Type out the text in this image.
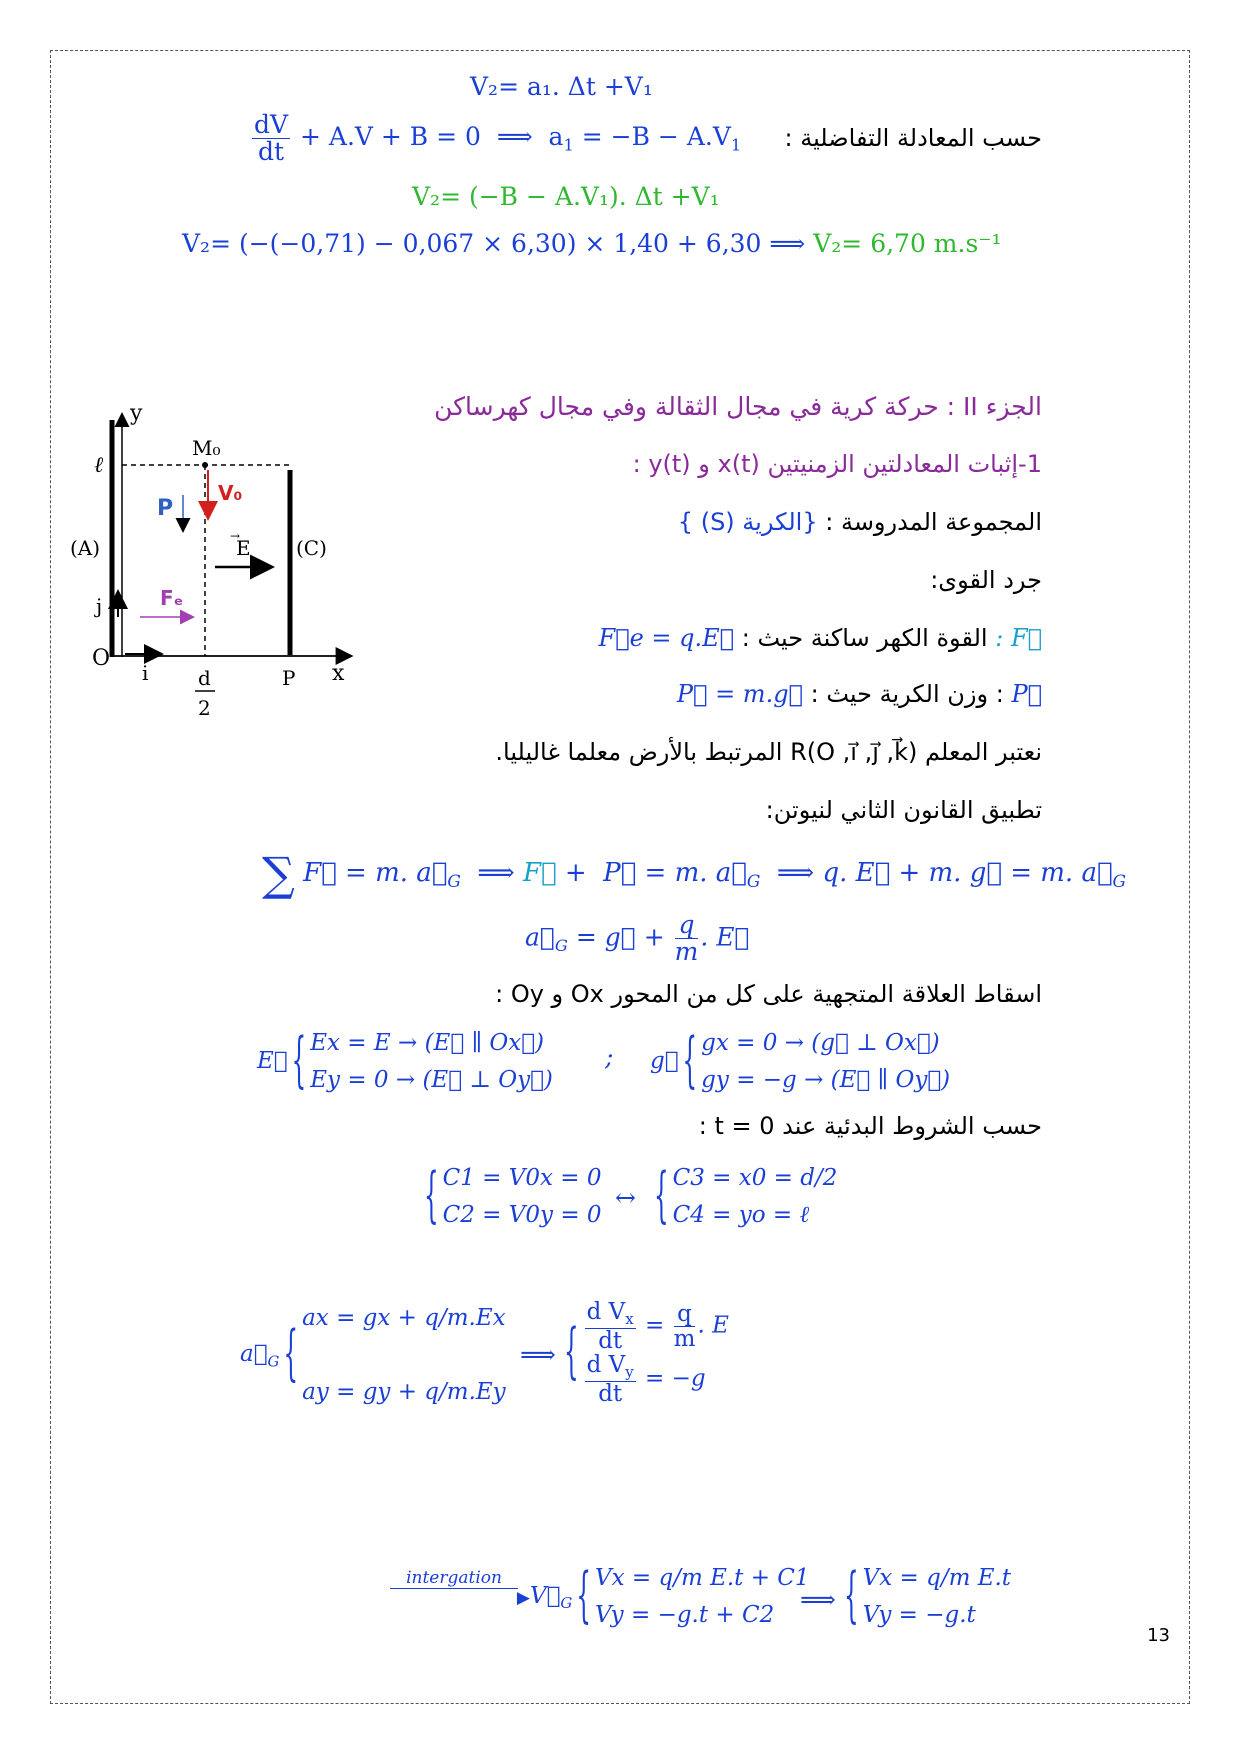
V₂= a₁. Δt +V₁
حسب المعادلة التفاضلية :
$\frac{dV}{dt} + A.V + B = 0$  ⟹  $a_1 = -B - A.V_1$
V₂= (−B − A.V₁). Δt +V₁
V₂= (−(−0,71) − 0,067 × 6,30) × 1,40 + 6,30 ⟹ V₂= 6,70 m.s⁻¹
y
x
O
ℓ
M₀
(A)	(C)
E
→
P
V₀
Fₑ
j
i d
2
P
الجزء II : حركة كرية في مجال الثقالة وفي مجال كهرساكن
1-إثبات المعادلتين الزمنيتين x(t) و y(t) :
المجموعة المدروسة : {الكرية (S) }
جرد القوى:
F⃗ : القوة الكهر ساكنة حيث : F⃗e = q.E⃗
P⃗ : وزن الكرية حيث : P⃗ = m.g⃗
نعتبر المعلم R(O ,i⃗ ,j⃗ ,k⃗) المرتبط بالأرض معلما غاليليا.
تطبيق القانون الثاني لنيوتن:
∑ F⃗ = m. $a⃗_G$  ⟹ F⃗ +  P⃗ = m. $a⃗_G$  ⟹ q. E⃗ + m. g⃗ = m. $a⃗_G$
$a⃗_G$ = g⃗ + $\frac{q}{m}$ . E⃗
اسقاط العلاقة المتجهية على كل من المحور Ox و Oy :
E⃗ { Ex = E → (E⃗ ∥ Ox⃗)
Ey = 0 → (E⃗ ⊥ Oy⃗)
; g⃗ { gx = 0 → (g⃗ ⊥ Ox⃗)
gy = −g → (E⃗ ∥ Oy⃗)
حسب الشروط البدئية عند t = 0 :
{ C1 = V0x = 0
C2 = V0y = 0
↔ { C3 = x0 = d/2
C4 = yo = ℓ
$a⃗_G$ {ax = gx + q/m.Ex

ay = gy + q/m.Ey
⟹ { $\frac{d V_x}{dt} = \frac{q}{m}$ . E

$\frac{d V_y}{dt} = -g$
intergation
▶ $V⃗_G$ { Vx = q/m E.t + C1
Vy = −g.t + C2
⟹ { Vx = q/m E.t
Vy = −g.t
13
